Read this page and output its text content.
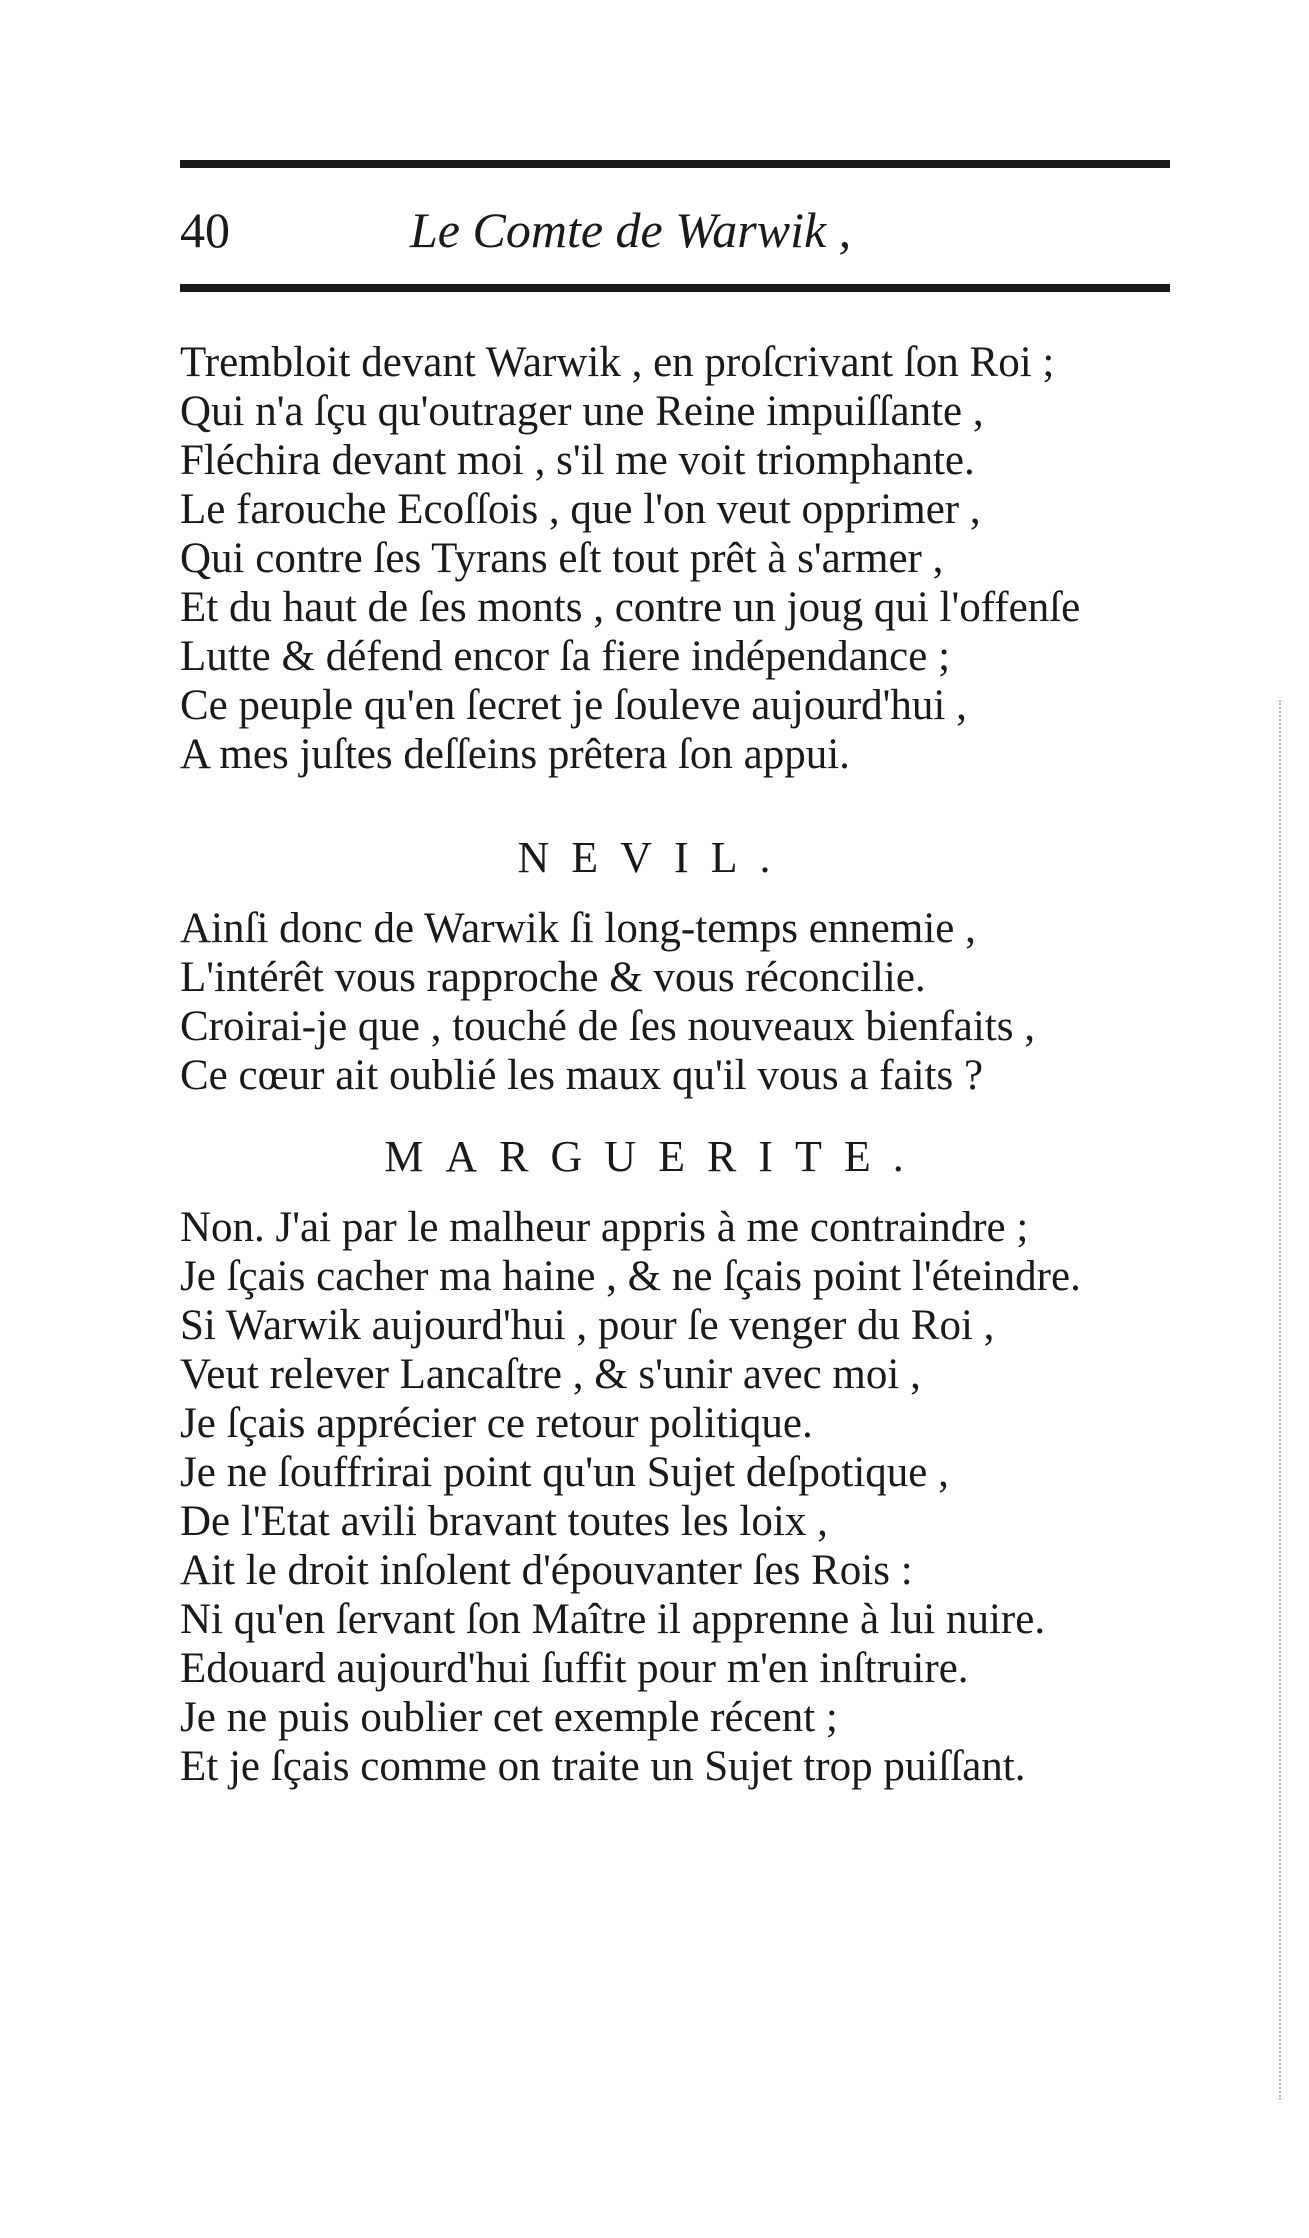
40	Le Comte de Warwik ,
Trembloit devant Warwik , en proſcrivant ſon Roi ;
Qui n'a ſçu qu'outrager une Reine impuiſſante ,
Fléchira devant moi , s'il me voit triomphante.
Le farouche Ecoſſois , que l'on veut opprimer ,
Qui contre ſes Tyrans eſt tout prêt à s'armer ,
Et du haut de ſes monts , contre un joug qui l'offenſe
Lutte & défend encor ſa fiere indépendance ;
Ce peuple qu'en ſecret je ſouleve aujourd'hui ,
A mes juſtes deſſeins prêtera ſon appui.
NEVIL.
Ainſi donc de Warwik ſi long-temps ennemie ,
L'intérêt vous rapproche & vous réconcilie.
Croirai-je que , touché de ſes nouveaux bienfaits ,
Ce cœur ait oublié les maux qu'il vous a faits ?
MARGUERITE.
Non. J'ai par le malheur appris à me contraindre ;
Je ſçais cacher ma haine , & ne ſçais point l'éteindre.
Si Warwik aujourd'hui , pour ſe venger du Roi ,
Veut relever Lancaſtre , & s'unir avec moi ,
Je ſçais apprécier ce retour politique.
Je ne ſouffrirai point qu'un Sujet deſpotique ,
De l'Etat avili bravant toutes les loix ,
Ait le droit inſolent d'épouvanter ſes Rois :
Ni qu'en ſervant ſon Maître il apprenne à lui nuire.
Edouard aujourd'hui ſuffit pour m'en inſtruire.
Je ne puis oublier cet exemple récent ;
Et je ſçais comme on traite un Sujet trop puiſſant.
